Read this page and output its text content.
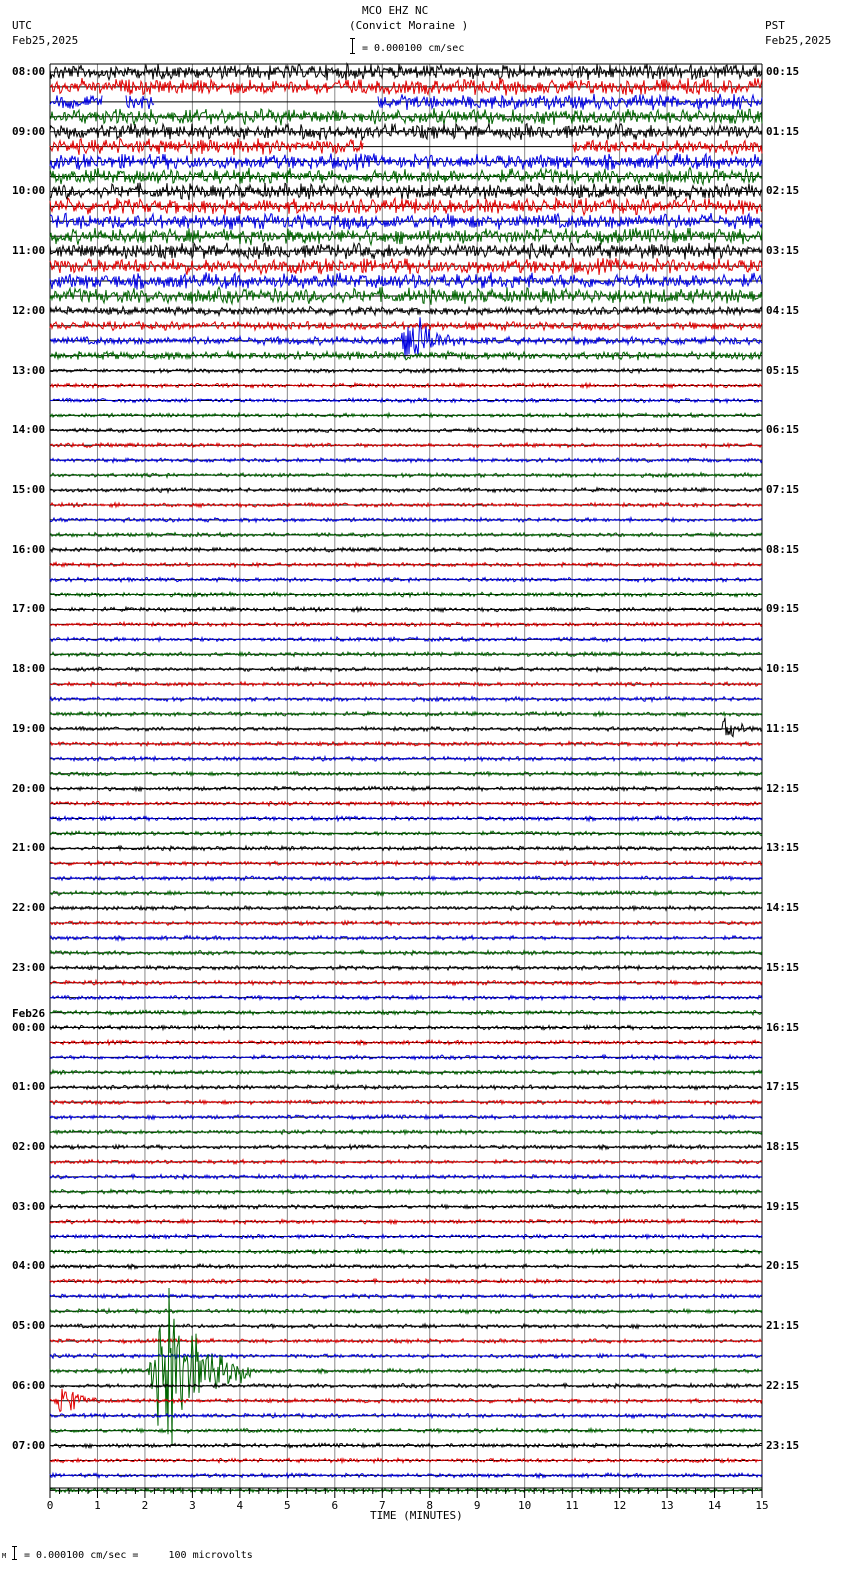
MCO EHZ NC
(Convict Moraine )
UTC
Feb25,2025
PST
Feb25,2025
= 0.000100 cm/sec
0	1	2	3	4	5	6	7	8	9	10	11	12	13	14	15
08:00
09:00
10:00
11:00
12:00
13:00
14:00
15:00
16:00
17:00
18:00
19:00
20:00
21:00
22:00
23:00
00:00
Feb26
01:00
02:00
03:00
04:00
05:00
06:00
07:00
00:15
01:15
02:15
03:15
04:15
05:15
06:15
07:15
08:15
09:15
10:15
11:15
12:15
13:15
14:15
15:15
16:15
17:15
18:15
19:15
20:15
21:15
22:15
23:15
TIME (MINUTES)
M = 0.000100 cm/sec =     100 microvolts
